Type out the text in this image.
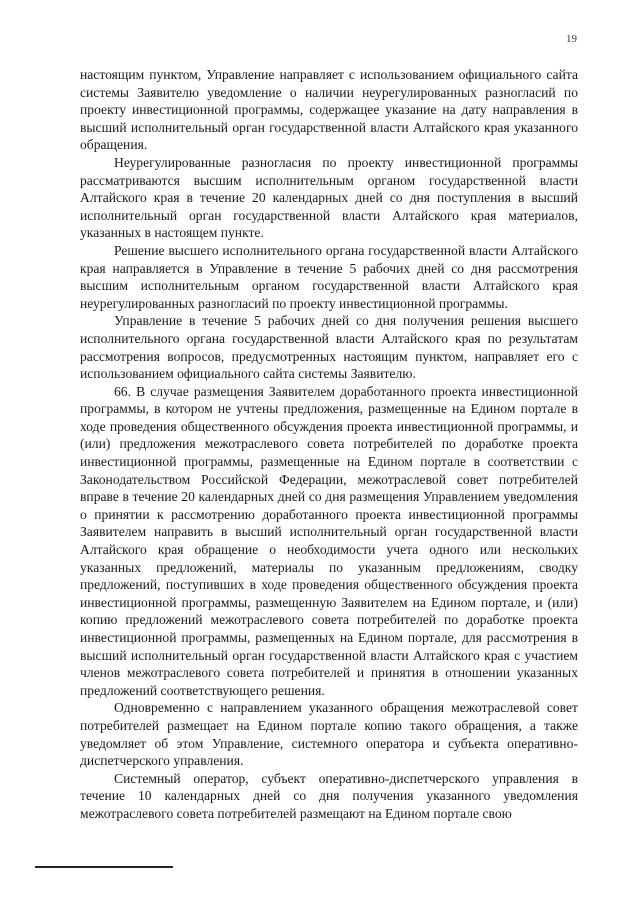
19

настоящим пунктом, Управление направляет с использованием официального сайта системы Заявителю уведомление о наличии неурегулированных разногласий по проекту инвестиционной программы, содержащее указание на дату направления в высший исполнительный орган государственной власти Алтайского края указанного обращения.

Неурегулированные разногласия по проекту инвестиционной программы рассматриваются высшим исполнительным органом государственной власти Алтайского края в течение 20 календарных дней со дня поступления в высший исполнительный орган государственной власти Алтайского края материалов, указанных в настоящем пункте.

Решение высшего исполнительного органа государственной власти Алтайского края направляется в Управление в течение 5 рабочих дней со дня рассмотрения высшим исполнительным органом государственной власти Алтайского края неурегулированных разногласий по проекту инвестиционной программы.

Управление в течение 5 рабочих дней со дня получения решения высшего исполнительного органа государственной власти Алтайского края по результатам рассмотрения вопросов, предусмотренных настоящим пунктом, направляет его с использованием официального сайта системы Заявителю.

66. В случае размещения Заявителем доработанного проекта инвестиционной программы, в котором не учтены предложения, размещенные на Едином портале в ходе проведения общественного обсуждения проекта инвестиционной программы, и (или) предложения межотраслевого совета потребителей по доработке проекта инвестиционной программы, размещенные на Едином портале в соответствии с Законодательством Российской Федерации, межотраслевой совет потребителей вправе в течение 20 календарных дней со дня размещения Управлением уведомления о принятии к рассмотрению доработанного проекта инвестиционной программы Заявителем направить в высший исполнительный орган государственной власти Алтайского края обращение о необходимости учета одного или нескольких указанных предложений, материалы по указанным предложениям, сводку предложений, поступивших в ходе проведения общественного обсуждения проекта инвестиционной программы, размещенную Заявителем на Едином портале, и (или) копию предложений межотраслевого совета потребителей по доработке проекта инвестиционной программы, размещенных на Едином портале, для рассмотрения в высший исполнительный орган государственной власти Алтайского края с участием членов межотраслевого совета потребителей и принятия в отношении указанных предложений соответствующего решения.

Одновременно с направлением указанного обращения межотраслевой совет потребителей размещает на Едином портале копию такого обращения, а также уведомляет об этом Управление, системного оператора и субъекта оперативно-диспетчерского управления.

Системный оператор, субъект оперативно-диспетчерского управления в течение 10 календарных дней со дня получения указанного уведомления межотраслевого совета потребителей размещают на Едином портале свою
